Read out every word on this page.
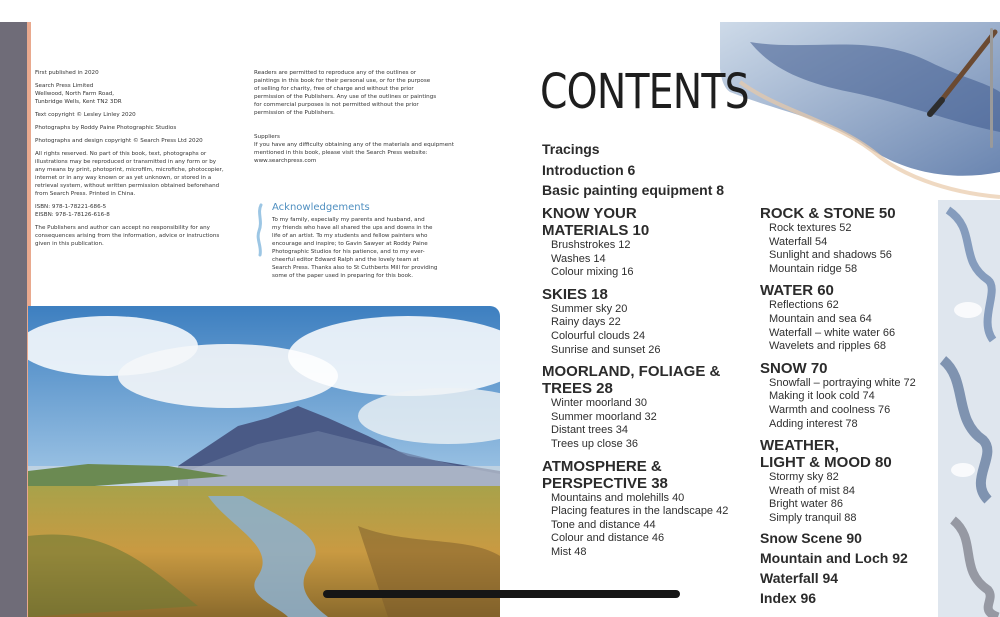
First published in 2020

Search Press Limited
Wellwood, North Farm Road,
Tunbridge Wells, Kent TN2 3DR

Text copyright © Lesley Linley 2020

Photographs by Roddy Paine Photographic Studios

Photographs and design copyright © Search Press Ltd 2020

All rights reserved. No part of this book, text, photographs or
illustrations may be reproduced or transmitted in any form or by
any means by print, photoprint, microfilm, microfiche, photocopier,
internet or in any way known or as yet unknown, or stored in a
retrieval system, without written permission obtained beforehand
from Search Press. Printed in China.

ISBN: 978-1-78221-686-5
EISBN: 978-1-78126-616-8

The Publishers and author can accept no responsibility for any
consequences arising from the information, advice or instructions
given in this publication.

Readers are permitted to reproduce any of the outlines or
paintings in this book for their personal use, or for the purpose
of selling for charity, free of charge and without the prior
permission of the Publishers. Any use of the outlines or paintings
for commercial purposes is not permitted without the prior
permission of the Publishers.

Suppliers
If you have any difficulty obtaining any of the materials and equipment
mentioned in this book, please visit the Search Press website:
www.searchpress.com

Acknowledgements
To my family, especially my parents and husband, and
my friends who have all shared the ups and downs in the
life of an artist. To my students and fellow painters who
encourage and inspire; to Gavin Sawyer at Roddy Paine
Photographic Studios for his patience, and to my ever-
cheerful editor Edward Ralph and the lovely team at
Search Press. Thanks also to St Cuthberts Mill for providing
some of the paper used in preparing for this book.
CONTENTS
Tracings
Introduction 6
Basic painting equipment 8
KNOW YOUR
MATERIALS 10
Brushstrokes 12
Washes 14
Colour mixing 16
SKIES 18
Summer sky 20
Rainy days 22
Colourful clouds 24
Sunrise and sunset 26
MOORLAND, FOLIAGE &
TREES 28
Winter moorland 30
Summer moorland 32
Distant trees 34
Trees up close 36
ATMOSPHERE &
PERSPECTIVE 38
Mountains and molehills 40
Placing features in the landscape 42
Tone and distance 44
Colour and distance 46
Mist 48
ROCK & STONE 50
Rock textures 52
Waterfall 54
Sunlight and shadows 56
Mountain ridge 58
WATER 60
Reflections 62
Mountain and sea 64
Waterfall – white water 66
Wavelets and ripples 68
SNOW 70
Snowfall – portraying white 72
Making it look cold 74
Warmth and coolness 76
Adding interest 78
WEATHER,
LIGHT & MOOD 80
Stormy sky 82
Wreath of mist 84
Bright water 86
Simply tranquil 88
Snow Scene 90
Mountain and Loch 92
Waterfall 94
Index 96
